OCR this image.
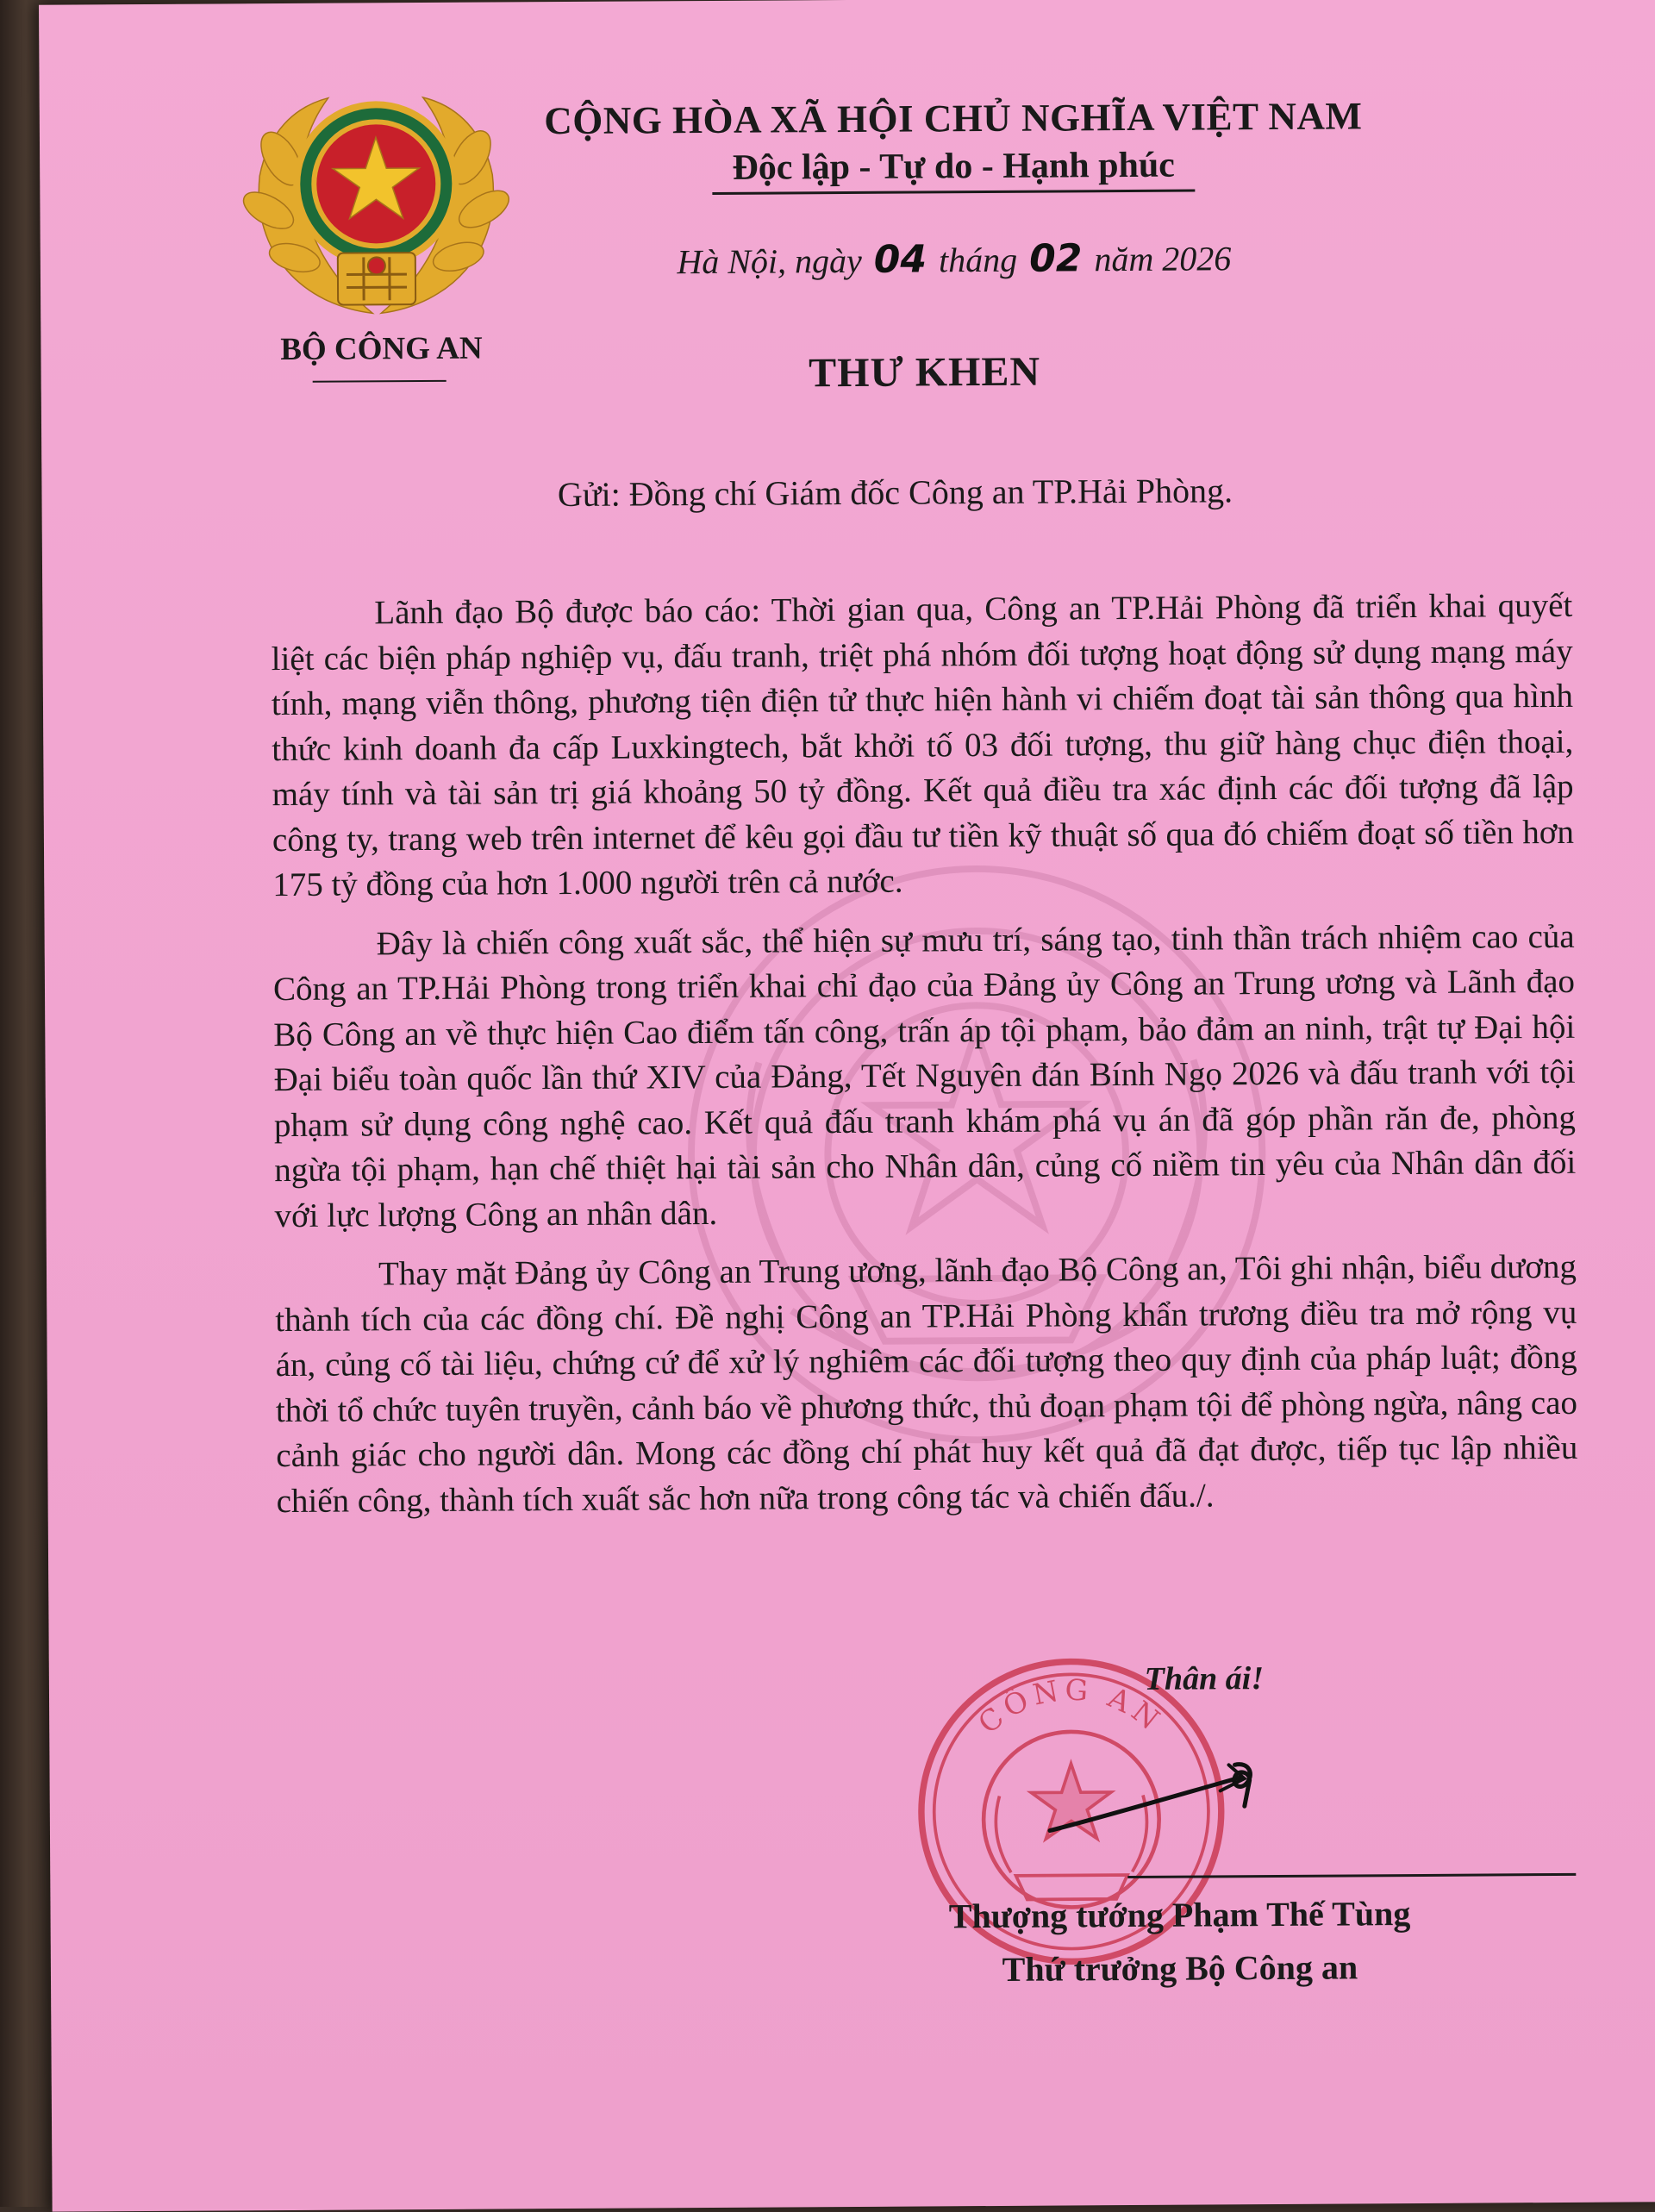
BỘ CÔNG AN
CỘNG HÒA XÃ HỘI CHỦ NGHĨA VIỆT NAM
Độc lập - Tự do - Hạnh phúc
Hà Nội, ngày 04 tháng 02 năm 2026
THƯ KHEN
Gửi: Đồng chí Giám đốc Công an TP.Hải Phòng.

Lãnh đạo Bộ được báo cáo: Thời gian qua, Công an TP.Hải Phòng đã triển khai quyết liệt các biện pháp nghiệp vụ, đấu tranh, triệt phá nhóm đối tượng hoạt động sử dụng mạng máy tính, mạng viễn thông, phương tiện điện tử thực hiện hành vi chiếm đoạt tài sản thông qua hình thức kinh doanh đa cấp Luxkingtech, bắt khởi tố 03 đối tượng, thu giữ hàng chục điện thoại, máy tính và tài sản trị giá khoảng 50 tỷ đồng. Kết quả điều tra xác định các đối tượng đã lập công ty, trang web trên internet để kêu gọi đầu tư tiền kỹ thuật số qua đó chiếm đoạt số tiền hơn 175 tỷ đồng của hơn 1.000 người trên cả nước.

Đây là chiến công xuất sắc, thể hiện sự mưu trí, sáng tạo, tinh thần trách nhiệm cao của Công an TP.Hải Phòng trong triển khai chỉ đạo của Đảng ủy Công an Trung ương và Lãnh đạo Bộ Công an về thực hiện Cao điểm tấn công, trấn áp tội phạm, bảo đảm an ninh, trật tự Đại hội Đại biểu toàn quốc lần thứ XIV của Đảng, Tết Nguyên đán Bính Ngọ 2026 và đấu tranh với tội phạm sử dụng công nghệ cao. Kết quả đấu tranh khám phá vụ án đã góp phần răn đe, phòng ngừa tội phạm, hạn chế thiệt hại tài sản cho Nhân dân, củng cố niềm tin yêu của Nhân dân đối với lực lượng Công an nhân dân.

Thay mặt Đảng ủy Công an Trung ương, lãnh đạo Bộ Công an, Tôi ghi nhận, biểu dương thành tích của các đồng chí. Đề nghị Công an TP.Hải Phòng khẩn trương điều tra mở rộng vụ án, củng cố tài liệu, chứng cứ để xử lý nghiêm các đối tượng theo quy định của pháp luật; đồng thời tổ chức tuyên truyền, cảnh báo về phương thức, thủ đoạn phạm tội để phòng ngừa, nâng cao cảnh giác cho người dân. Mong các đồng chí phát huy kết quả đã đạt được, tiếp tục lập nhiều chiến công, thành tích xuất sắc hơn nữa trong công tác và chiến đấu./.

CÔNG AN
Thân ái!
Thượng tướng Phạm Thế Tùng
Thứ trưởng Bộ Công an
